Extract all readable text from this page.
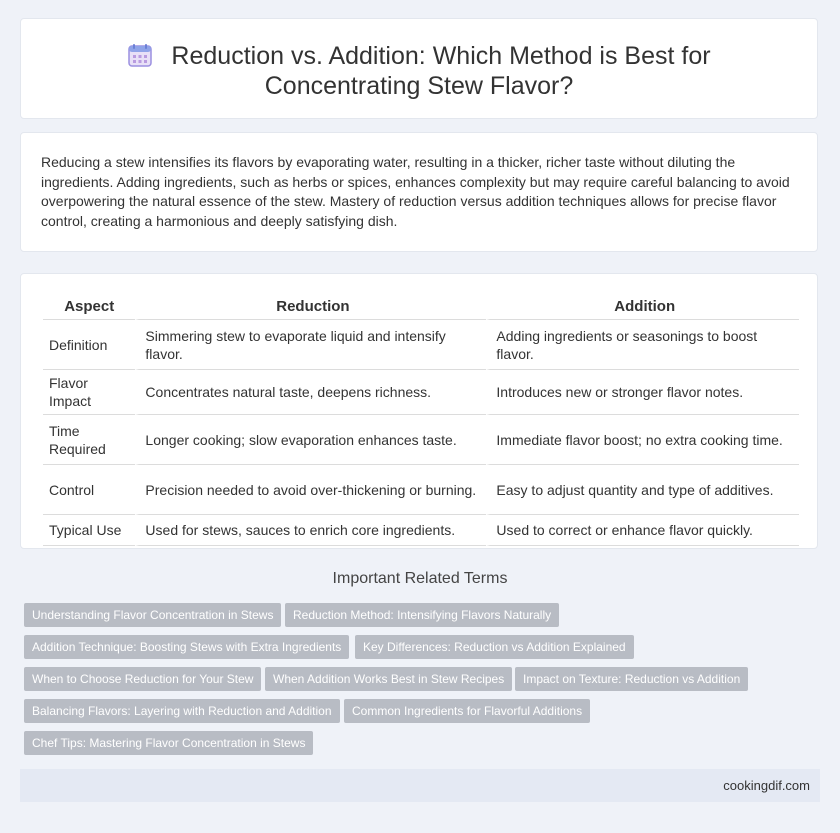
Reduction vs. Addition: Which Method is Best for Concentrating Stew Flavor?

Reducing a stew intensifies its flavors by evaporating water, resulting in a thicker, richer taste without diluting the ingredients. Adding ingredients, such as herbs or spices, enhances complexity but may require careful balancing to avoid overpowering the natural essence of the stew. Mastery of reduction versus addition techniques allows for precise flavor control, creating a harmonious and deeply satisfying dish.

Aspect	Reduction	Addition
Definition	Simmering stew to evaporate liquid and intensify flavor.	Adding ingredients or seasonings to boost flavor.
Flavor Impact	Concentrates natural taste, deepens richness.	Introduces new or stronger flavor notes.
Time Required	Longer cooking; slow evaporation enhances taste.	Immediate flavor boost; no extra cooking time.
Control	Precision needed to avoid over-thickening or burning.	Easy to adjust quantity and type of additives.
Typical Use	Used for stews, sauces to enrich core ingredients.	Used to correct or enhance flavor quickly.
Important Related Terms
Understanding Flavor Concentration in Stews	Reduction Method: Intensifying Flavors Naturally
Addition Technique: Boosting Stews with Extra Ingredients	Key Differences: Reduction vs Addition Explained
When to Choose Reduction for Your Stew	When Addition Works Best in Stew Recipes	Impact on Texture: Reduction vs Addition
Balancing Flavors: Layering with Reduction and Addition	Common Ingredients for Flavorful Additions
Chef Tips: Mastering Flavor Concentration in Stews
cookingdif.com
